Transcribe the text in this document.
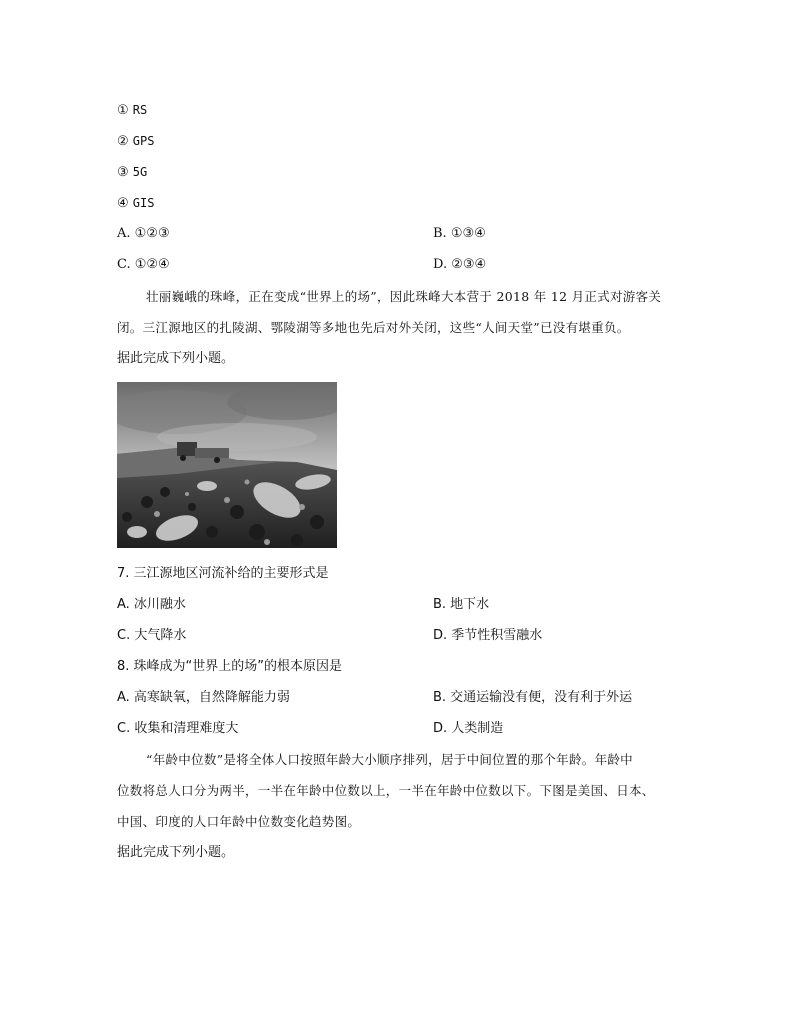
① RS
② GPS
③ 5G
④ GIS
A. ①②③	B. ①③④
C. ①②④	D. ②③④
壮丽巍峨的珠峰，正在变成“世界上的场”，因此珠峰大本营于 2018 年 12 月正式对游客关
闭。三江源地区的扎陵湖、鄂陵湖等多地也先后对外关闭，这些“人间天堂”已没有堪重负。
据此完成下列小题。
7. 三江源地区河流补给的主要形式是
A. 冰川融水	B. 地下水
C. 大气降水	D. 季节性积雪融水
8. 珠峰成为“世界上的场”的根本原因是
A. 高寒缺氧，自然降解能力弱	B. 交通运输没有便，没有利于外运
C. 收集和清理难度大	D. 人类制造
“年龄中位数”是将全体人口按照年龄大小顺序排列，居于中间位置的那个年龄。年龄中
位数将总人口分为两半，一半在年龄中位数以上，一半在年龄中位数以下。下图是美国、日本、
中国、印度的人口年龄中位数变化趋势图。
据此完成下列小题。
